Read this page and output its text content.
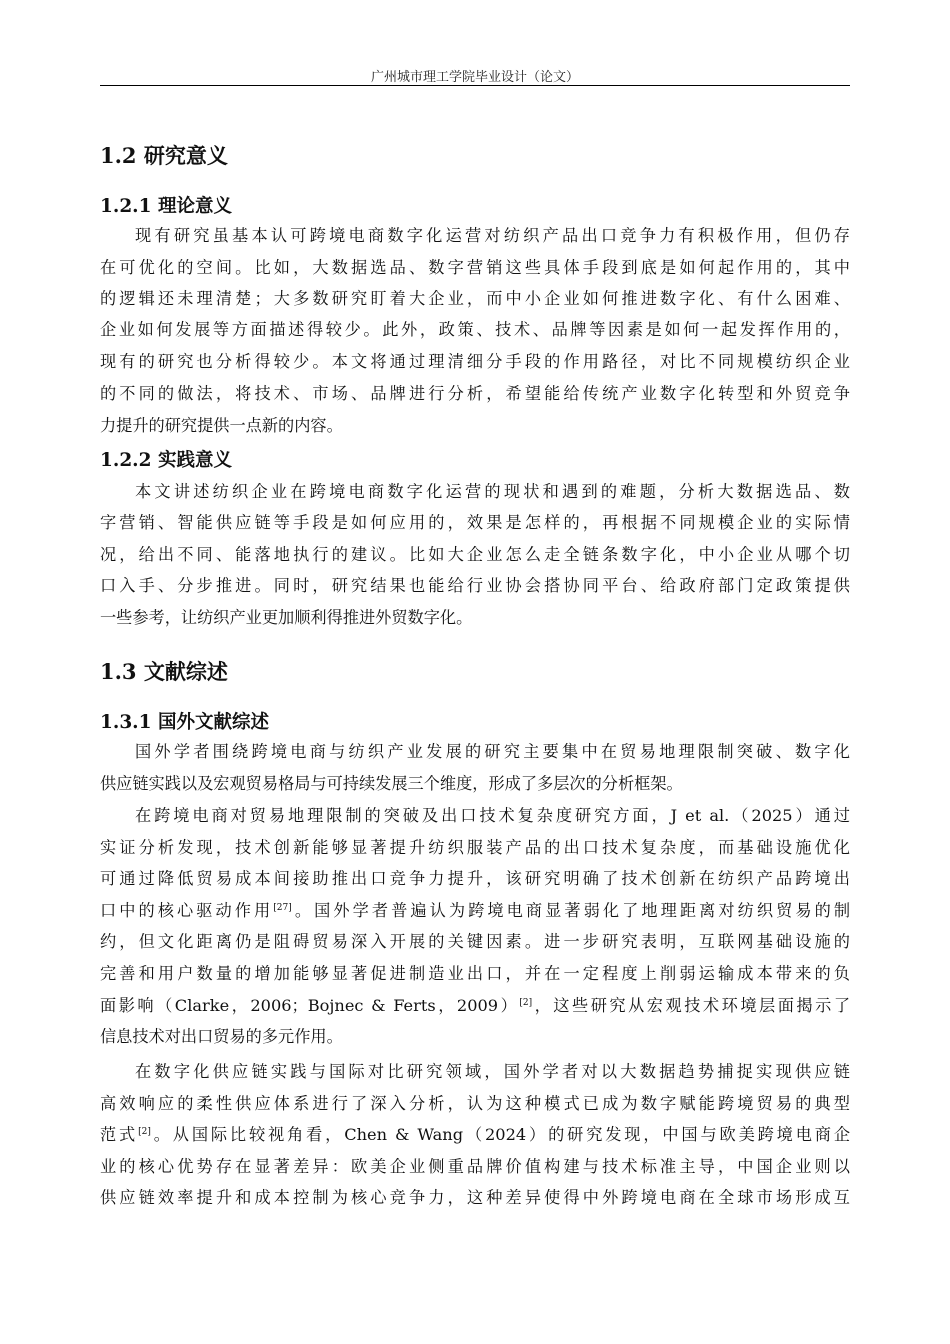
广州城市理工学院毕业设计（论文）
1.2 研究意义
1.2.1 理论意义
现有研究虽基本认可跨境电商数字化运营对纺织产品出口竞争力有积极作用，但仍存
在可优化的空间。比如，大数据选品、数字营销这些具体手段到底是如何起作用的，其中
的逻辑还未理清楚；大多数研究盯着大企业，而中小企业如何推进数字化、有什么困难、
企业如何发展等方面描述得较少。此外，政策、技术、品牌等因素是如何一起发挥作用的，
现有的研究也分析得较少。本文将通过理清细分手段的作用路径，对比不同规模纺织企业
的不同的做法，将技术、市场、品牌进行分析，希望能给传统产业数字化转型和外贸竞争
力提升的研究提供一点新的内容。
1.2.2 实践意义
本文讲述纺织企业在跨境电商数字化运营的现状和遇到的难题，分析大数据选品、数
字营销、智能供应链等手段是如何应用的，效果是怎样的，再根据不同规模企业的实际情
况，给出不同、能落地执行的建议。比如大企业怎么走全链条数字化，中小企业从哪个切
口入手、分步推进。同时，研究结果也能给行业协会搭协同平台、给政府部门定政策提供
一些参考，让纺织产业更加顺利得推进外贸数字化。
1.3 文献综述
1.3.1 国外文献综述
国外学者围绕跨境电商与纺织产业发展的研究主要集中在贸易地理限制突破、数字化
供应链实践以及宏观贸易格局与可持续发展三个维度，形成了多层次的分析框架。
在跨境电商对贸易地理限制的突破及出口技术复杂度研究方面，J et al.（2025）通过
实证分析发现，技术创新能够显著提升纺织服装产品的出口技术复杂度，而基础设施优化
可通过降低贸易成本间接助推出口竞争力提升，该研究明确了技术创新在纺织产品跨境出
口中的核心驱动作用[27]。国外学者普遍认为跨境电商显著弱化了地理距离对纺织贸易的制
约，但文化距离仍是阻碍贸易深入开展的关键因素。进一步研究表明，互联网基础设施的
完善和用户数量的增加能够显著促进制造业出口，并在一定程度上削弱运输成本带来的负
面影响（Clarke，2006；Bojnec & Ferts，2009）[2]，这些研究从宏观技术环境层面揭示了
信息技术对出口贸易的多元作用。
在数字化供应链实践与国际对比研究领域，国外学者对以大数据趋势捕捉实现供应链
高效响应的柔性供应体系进行了深入分析，认为这种模式已成为数字赋能跨境贸易的典型
范式[2]。从国际比较视角看，Chen & Wang（2024）的研究发现，中国与欧美跨境电商企
业的核心优势存在显著差异：欧美企业侧重品牌价值构建与技术标准主导，中国企业则以
供应链效率提升和成本控制为核心竞争力，这种差异使得中外跨境电商在全球市场形成互
